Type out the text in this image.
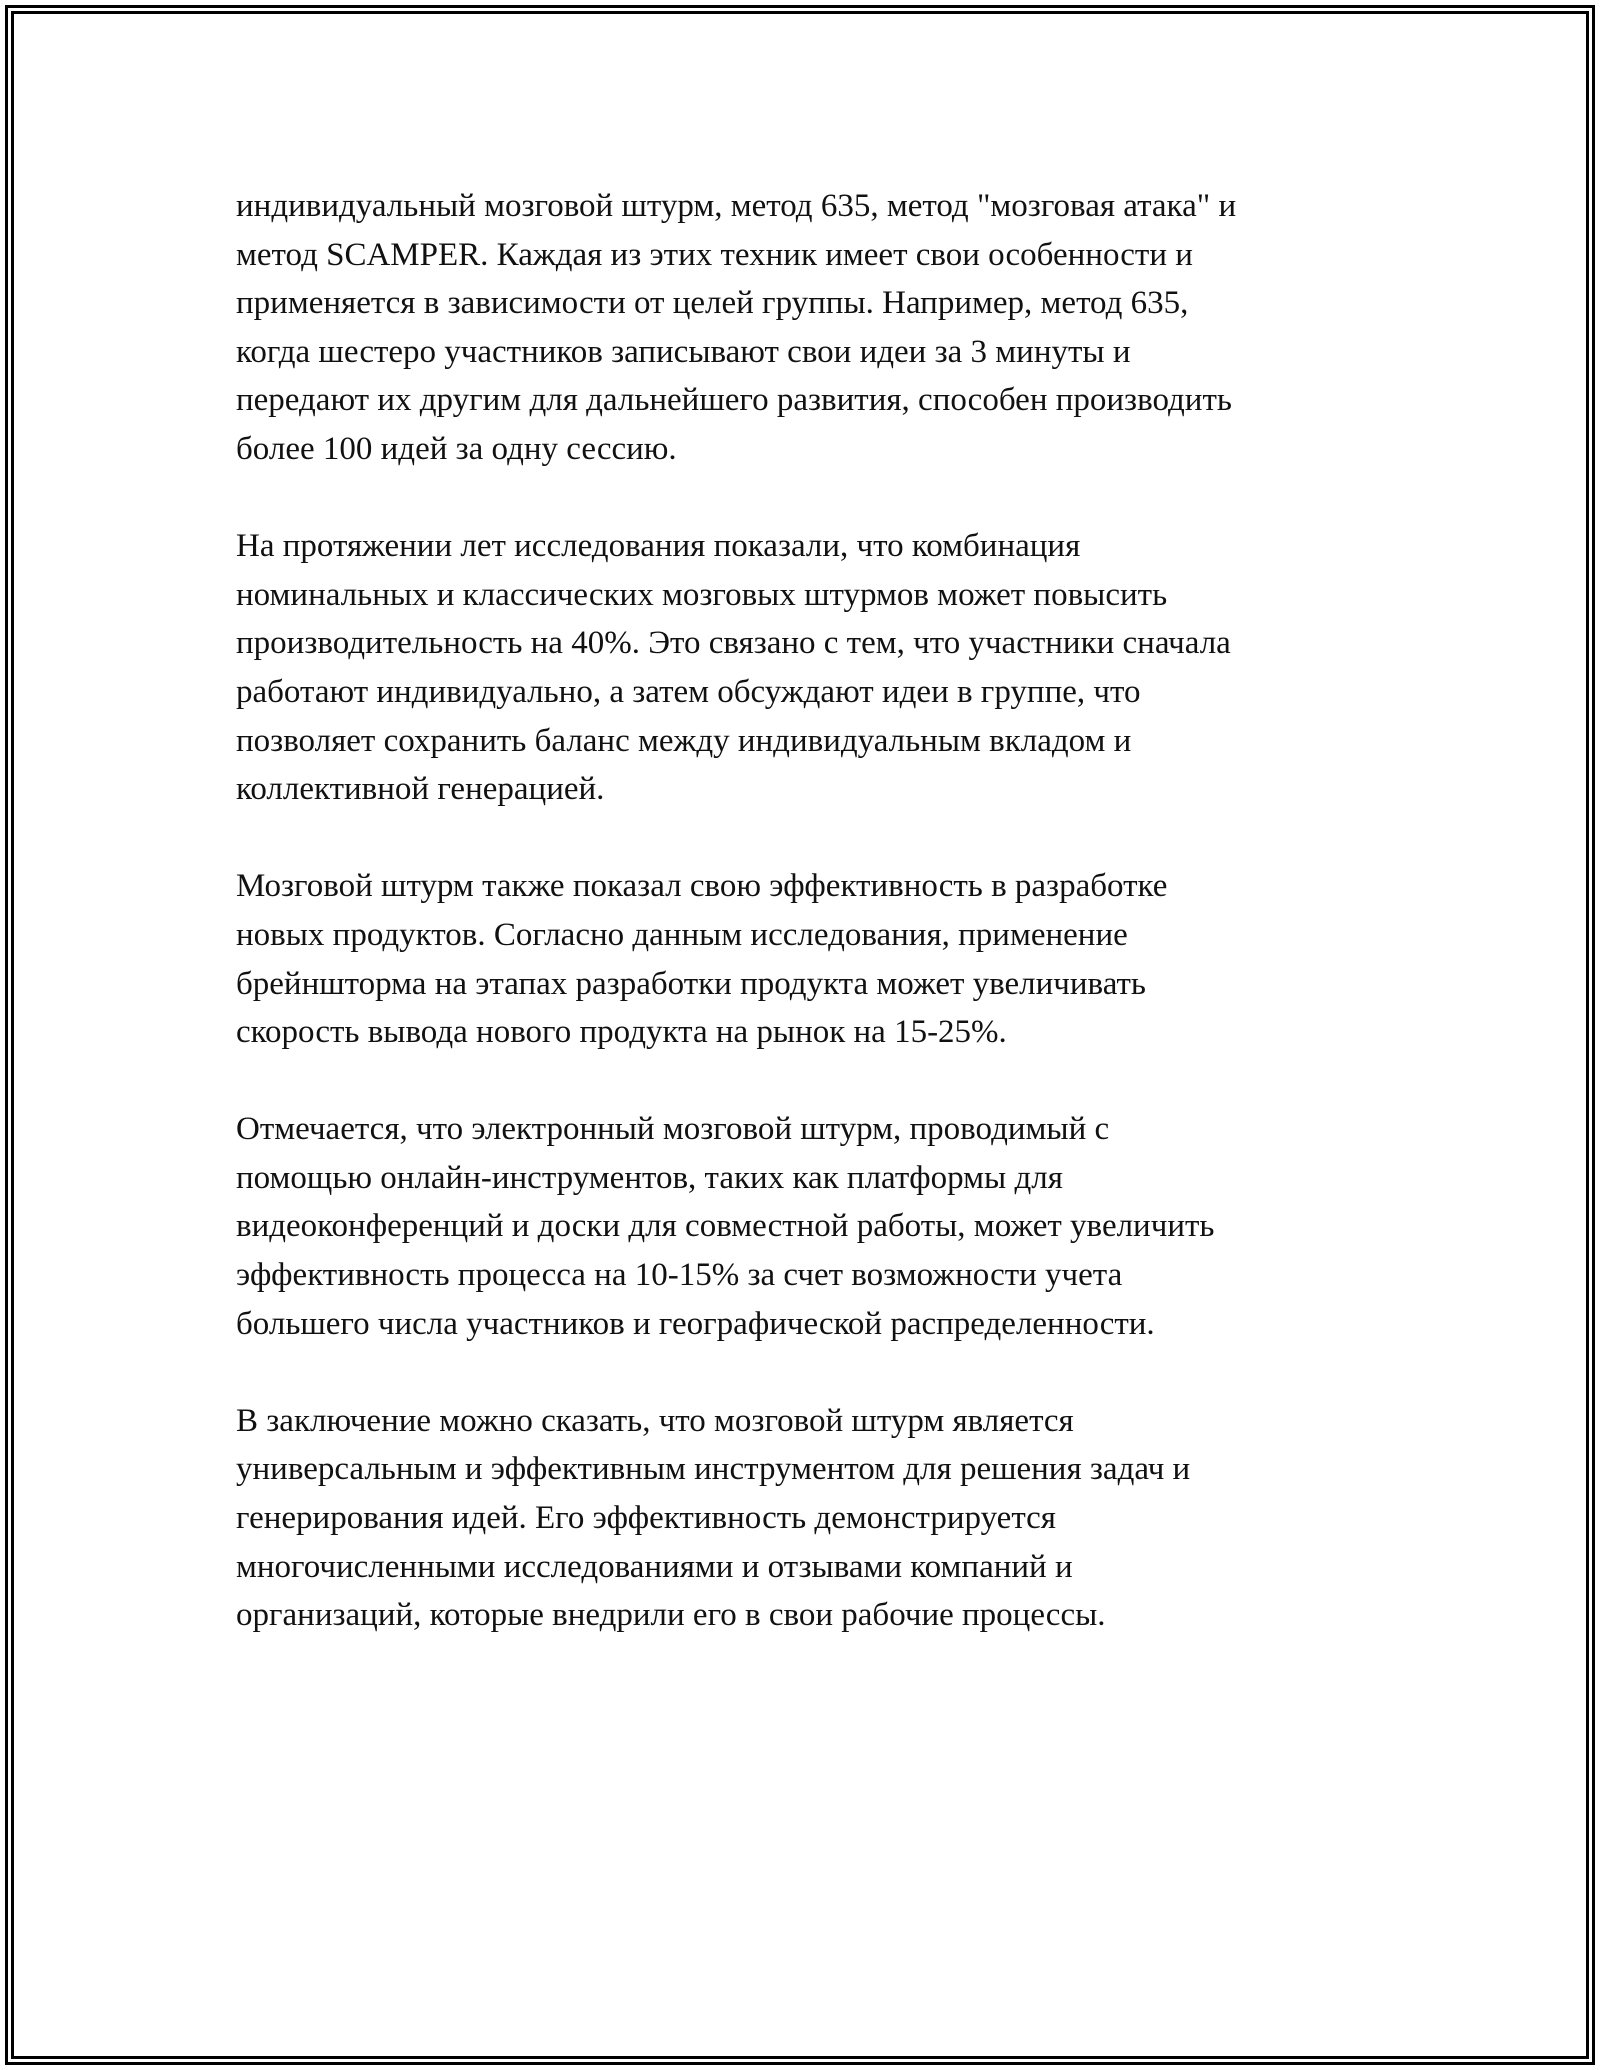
индивидуальный мозговой штурм, метод 635, метод "мозговая атака" и
метод SCAMPER. Каждая из этих техник имеет свои особенности и
применяется в зависимости от целей группы. Например, метод 635,
когда шестеро участников записывают свои идеи за 3 минуты и
передают их другим для дальнейшего развития, способен производить
более 100 идей за одну сессию.

На протяжении лет исследования показали, что комбинация
номинальных и классических мозговых штурмов может повысить
производительность на 40%. Это связано с тем, что участники сначала
работают индивидуально, а затем обсуждают идеи в группе, что
позволяет сохранить баланс между индивидуальным вкладом и
коллективной генерацией.

Мозговой штурм также показал свою эффективность в разработке
новых продуктов. Согласно данным исследования, применение
брейншторма на этапах разработки продукта может увеличивать
скорость вывода нового продукта на рынок на 15-25%.

Отмечается, что электронный мозговой штурм, проводимый с
помощью онлайн-инструментов, таких как платформы для
видеоконференций и доски для совместной работы, может увеличить
эффективность процесса на 10-15% за счет возможности учета
большего числа участников и географической распределенности.

В заключение можно сказать, что мозговой штурм является
универсальным и эффективным инструментом для решения задач и
генерирования идей. Его эффективность демонстрируется
многочисленными исследованиями и отзывами компаний и
организаций, которые внедрили его в свои рабочие процессы.
